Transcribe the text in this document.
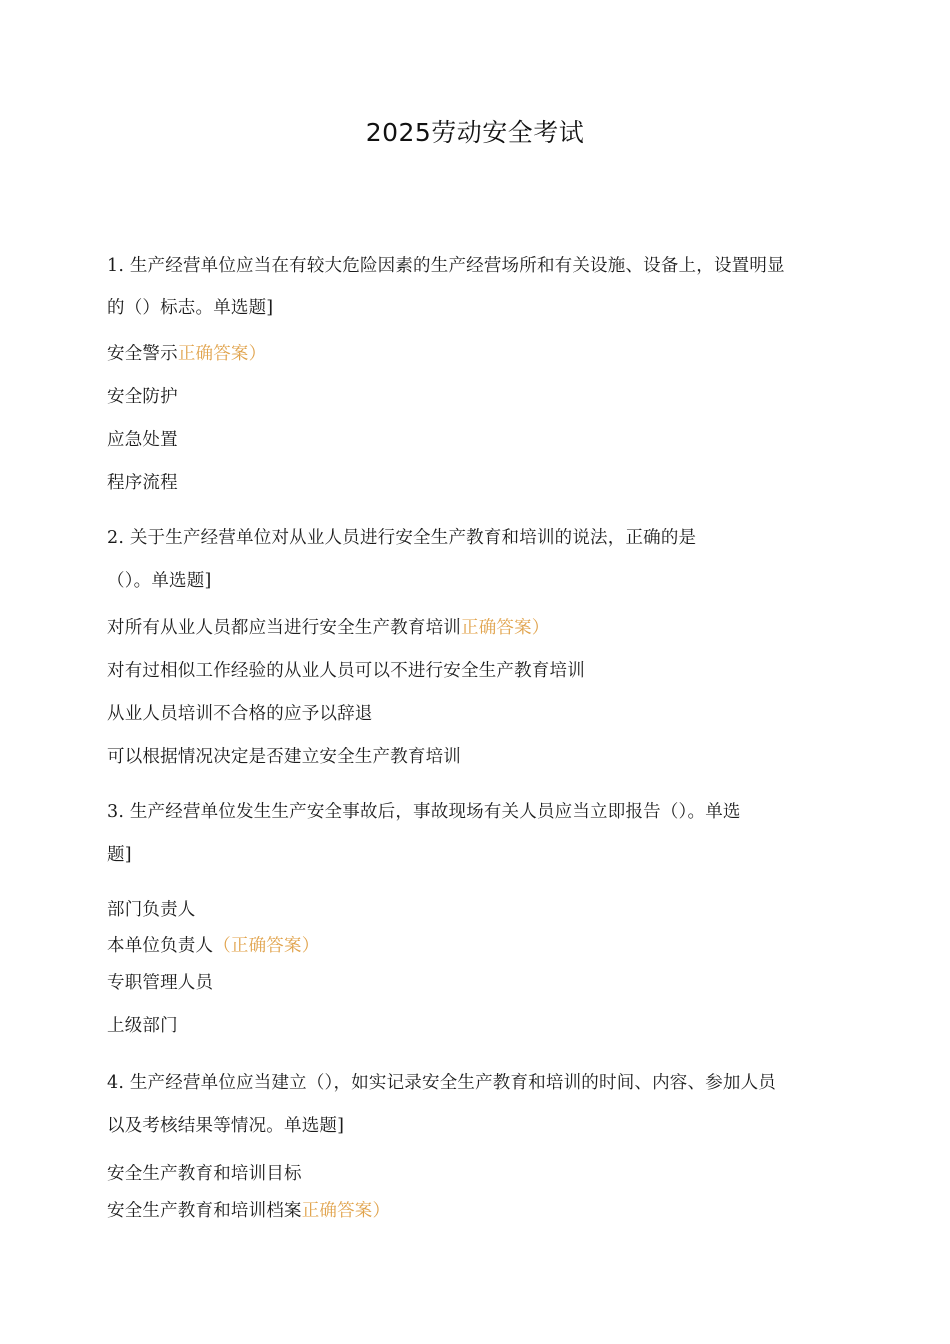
2025劳动安全考试
1. 生产经营单位应当在有较大危险因素的生产经营场所和有关设施、设备上，设置明显
的（）标志。单选题]
安全警示正确答案）
安全防护
应急处置
程序流程
2. 关于生产经营单位对从业人员进行安全生产教育和培训的说法，正确的是
（）。单选题]
对所有从业人员都应当进行安全生产教育培训正确答案）
对有过相似工作经验的从业人员可以不进行安全生产教育培训
从业人员培训不合格的应予以辞退
可以根据情况决定是否建立安全生产教育培训
3. 生产经营单位发生生产安全事故后，事故现场有关人员应当立即报告（）。单选
题]
部门负责人
本单位负责人（正确答案）
专职管理人员
上级部门
4. 生产经营单位应当建立（），如实记录安全生产教育和培训的时间、内容、参加人员
以及考核结果等情况。单选题]
安全生产教育和培训目标
安全生产教育和培训档案正确答案）
